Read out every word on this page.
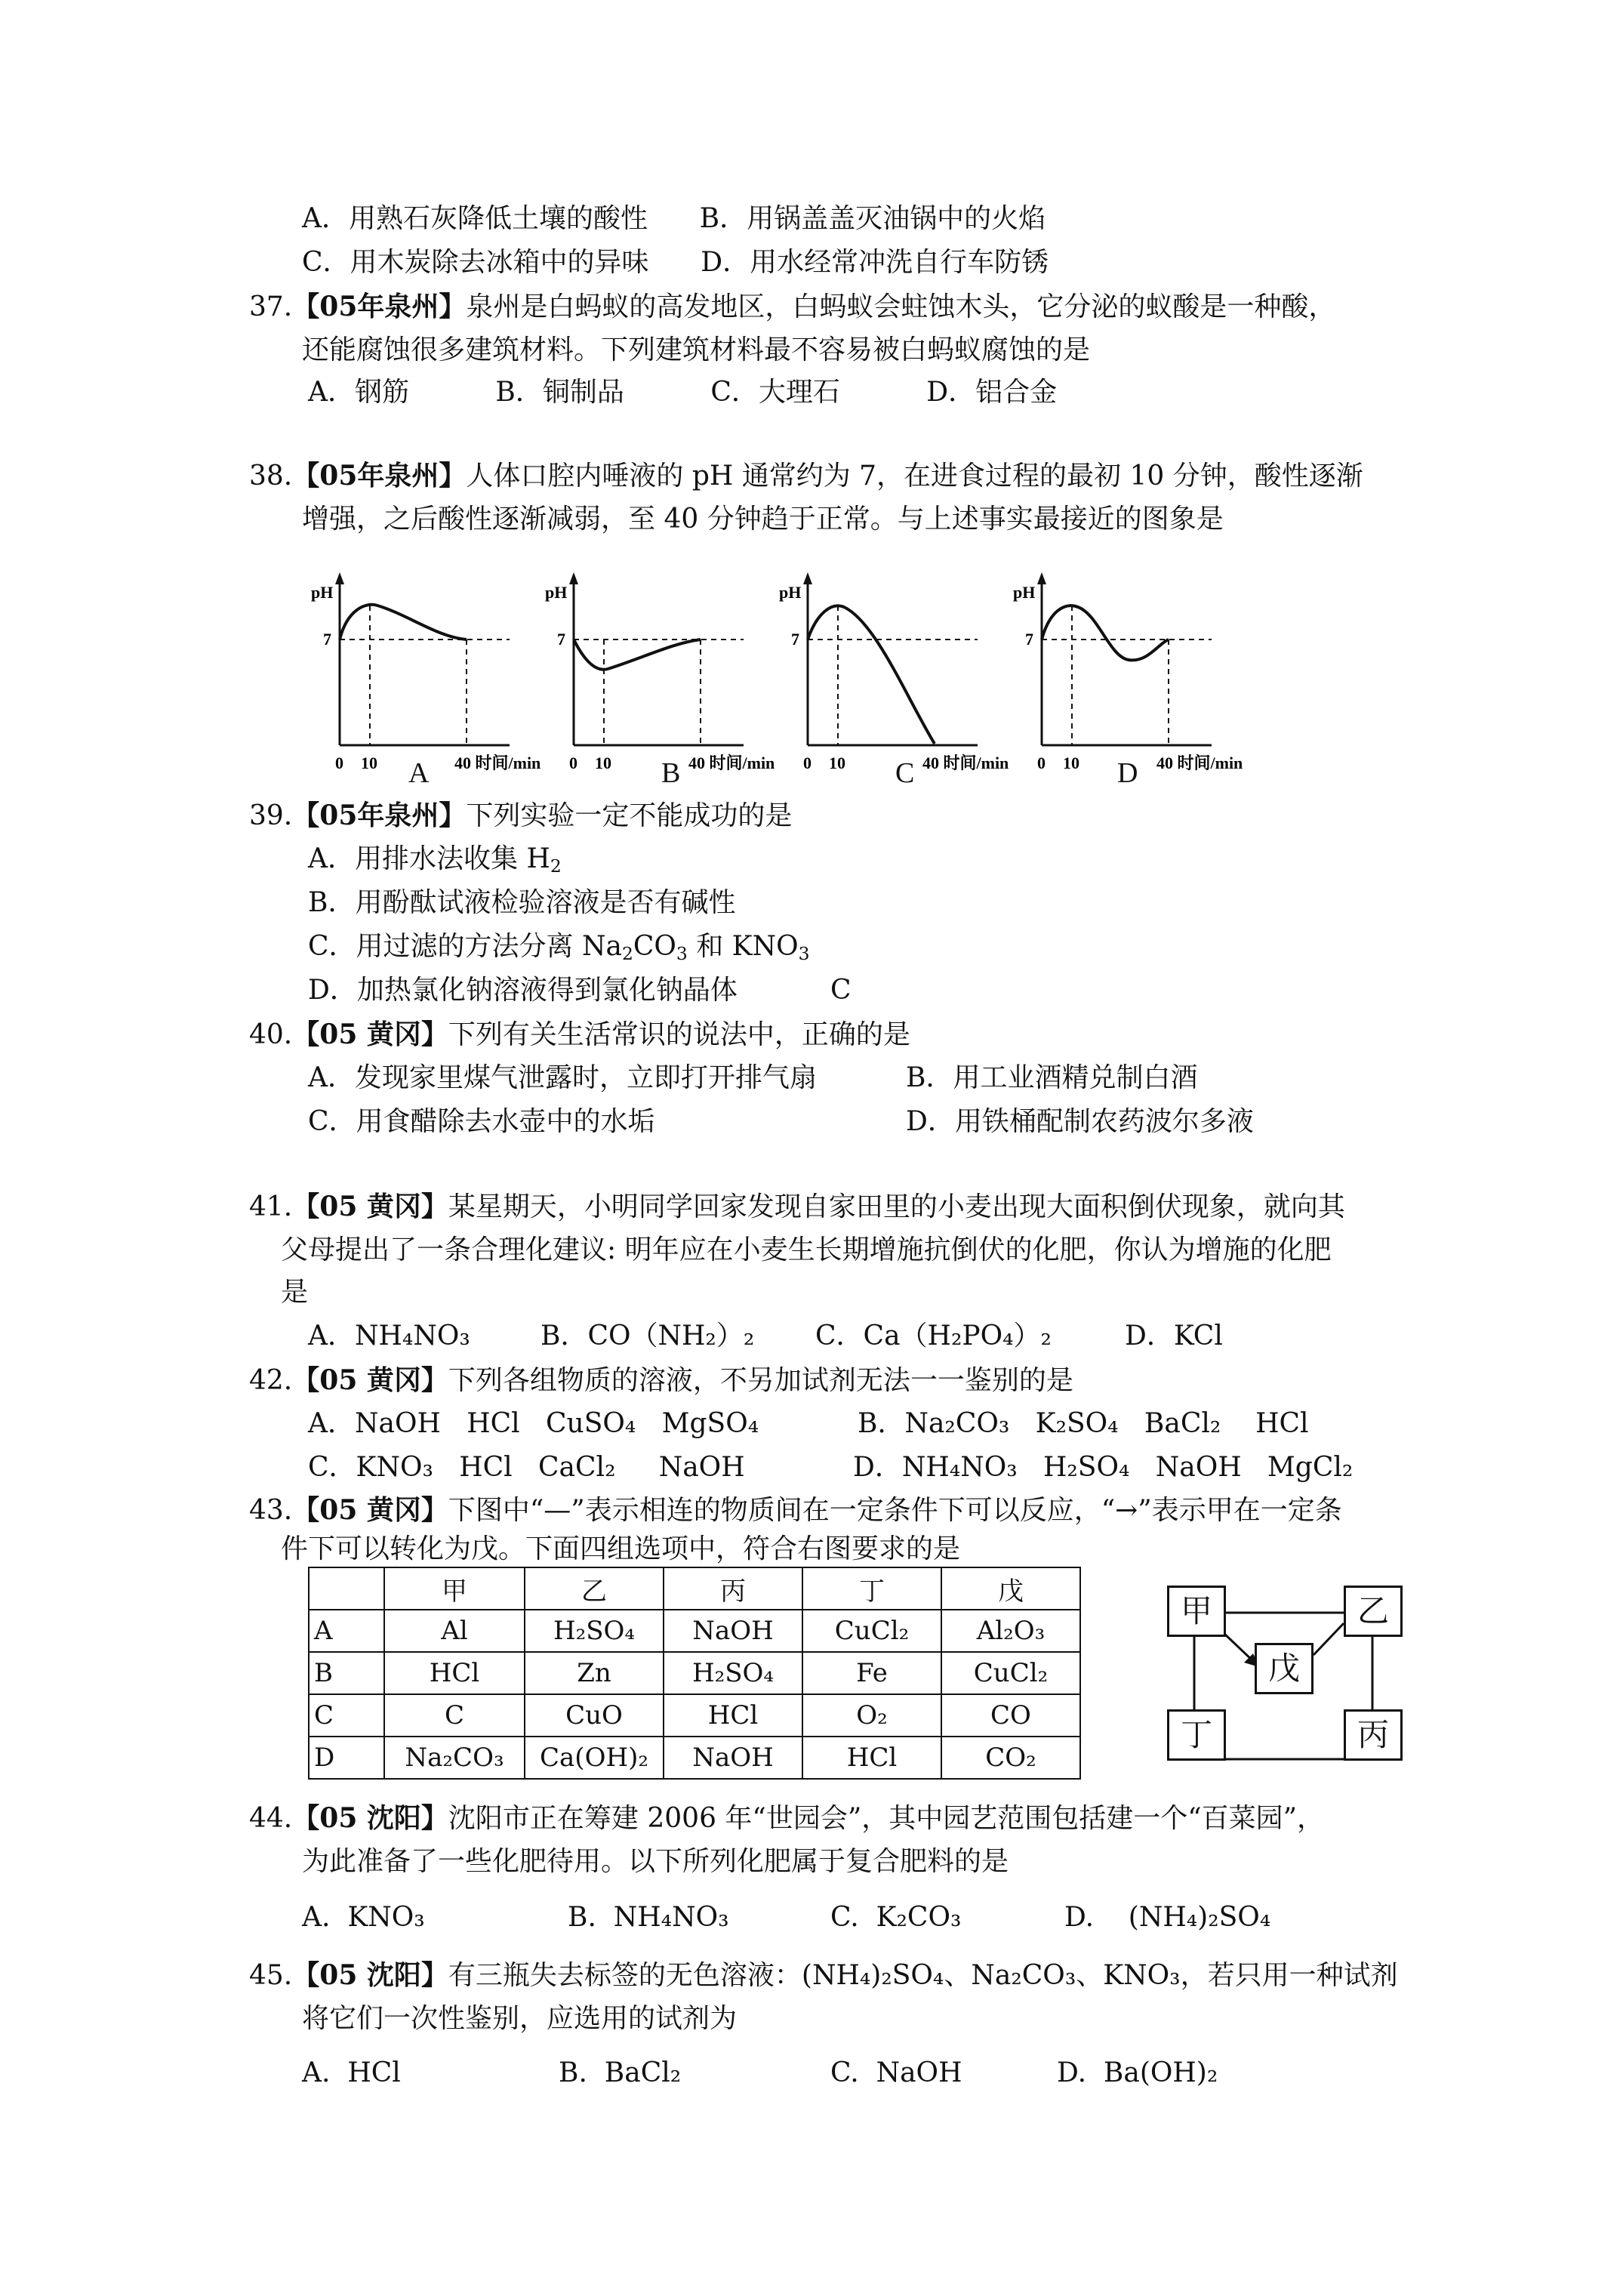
A．用熟石灰降低土壤的酸性      B．用锅盖盖灭油锅中的火焰
C．用木炭除去冰箱中的异味      D．用水经常冲洗自行车防锈
37.【05年泉州】泉州是白蚂蚁的高发地区，白蚂蚁会蛀蚀木头，它分泌的蚁酸是一种酸，
还能腐蚀很多建筑材料。下列建筑材料最不容易被白蚂蚁腐蚀的是
A．钢筋          B．铜制品          C．大理石          D．铝合金
38.【05年泉州】人体口腔内唾液的 pH 通常约为 7，在进食过程的最初 10 分钟，酸性逐渐
增强，之后酸性逐渐减弱，至 40 分钟趋于正常。与上述事实最接近的图象是
pH
7
0 10	40 时间/min
pH
7
0 10	40 时间/min
pH
7
0 10	40 时间/min
pH
7
0 10	40 时间/min
A	B	C	D
39.【05年泉州】下列实验一定不能成功的是
A．用排水法收集 $H_2$
B．用酚酞试液检验溶液是否有碱性
C．用过滤的方法分离 $Na_2CO_3$ 和 $KNO_3$
D．加热氯化钠溶液得到氯化钠晶体	C
40.【05 黄冈】下列有关生活常识的说法中，正确的是
A．发现家里煤气泄露时，立即打开排气扇	B．用工业酒精兑制白酒
C．用食醋除去水壶中的水垢	D．用铁桶配制农药波尔多液
41.【05 黄冈】某星期天，小明同学回家发现自家田里的小麦出现大面积倒伏现象，就向其
父母提出了一条合理化建议: 明年应在小麦生长期增施抗倒伏的化肥，你认为增施的化肥
是
A．NH₄NO₃	B．CO（NH₂）₂ C．Ca（H₂PO₄）₂	D．KCl
42.【05 黄冈】下列各组物质的溶液，不另加试剂无法一一鉴别的是
A．NaOH   HCl   CuSO₄   MgSO₄	B．Na₂CO₃   K₂SO₄   BaCl₂    HCl
C．KNO₃   HCl   CaCl₂     NaOH	D．NH₄NO₃   H₂SO₄   NaOH   MgCl₂
43.【05 黄冈】下图中“—”表示相连的物质间在一定条件下可以反应，“→”表示甲在一定条
件下可以转化为戊。下面四组选项中，符合右图要求的是
	甲	乙	丙	丁	戊
A	Al	H₂SO₄	NaOH	CuCl₂	Al₂O₃
B	HCl	Zn	H₂SO₄	Fe	CuCl₂
C	C	CuO	HCl	O₂	CO
D	Na₂CO₃	Ca(OH)₂	NaOH	HCl	CO₂
甲	乙
戊
丁	丙
44.【05 沈阳】沈阳市正在筹建 2006 年“世园会”，其中园艺范围包括建一个“百菜园”，
为此准备了一些化肥待用。以下所列化肥属于复合肥料的是
A.  KNO₃	B.  NH₄NO₃	C.  K₂CO₃	D.    (NH₄)₂SO₄
45.【05 沈阳】有三瓶失去标签的无色溶液：(NH₄)₂SO₄、Na₂CO₃、KNO₃，若只用一种试剂
将它们一次性鉴别，应选用的试剂为
A.  HCl	B.  BaCl₂	C.  NaOH	D.  Ba(OH)₂
